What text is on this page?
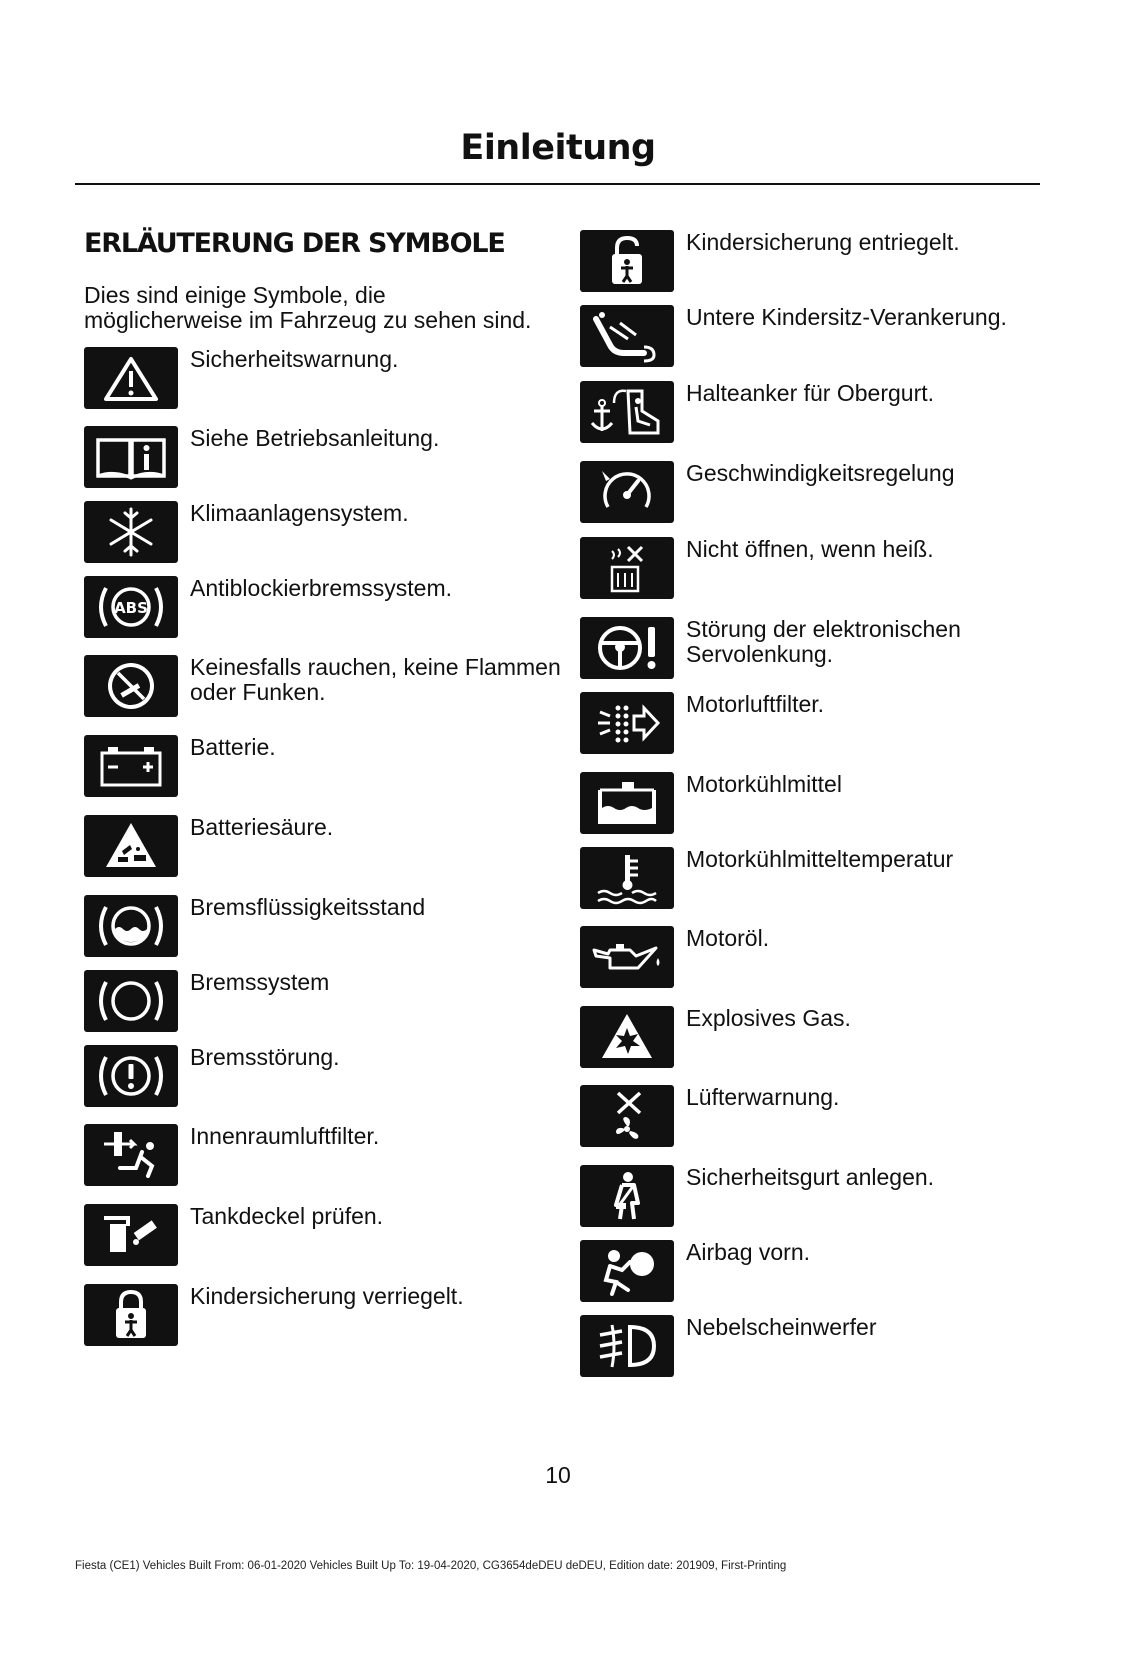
Einleitung
ERLÄUTERUNG DER SYMBOLE
Dies sind einige Symbole, die möglicherweise im Fahrzeug zu sehen sind.
Sicherheitswarnung.
Siehe Betriebsanleitung.
Klimaanlagensystem.
ABS
Antiblockierbremssystem.
Keinesfalls rauchen, keine Flammen oder Funken.
Batterie.
Batteriesäure.
Bremsflüssigkeitsstand
Bremssystem
Bremsstörung.
Innenraumluftfilter.
Tankdeckel prüfen.
Kindersicherung verriegelt.
Kindersicherung entriegelt.
Untere Kindersitz-Verankerung.
Halteanker für Obergurt.
Geschwindigkeitsregelung
Nicht öffnen, wenn heiß.
Störung der elektronischen Servolenkung.
Motorluftfilter.
Motorkühlmittel
Motorkühlmitteltemperatur
Motoröl.
Explosives Gas.
Lüfterwarnung.
Sicherheitsgurt anlegen.
Airbag vorn.
Nebelscheinwerfer
10
Fiesta (CE1) Vehicles Built From: 06-01-2020 Vehicles Built Up To: 19-04-2020, CG3654deDEU deDEU, Edition date: 201909, First-Printing
